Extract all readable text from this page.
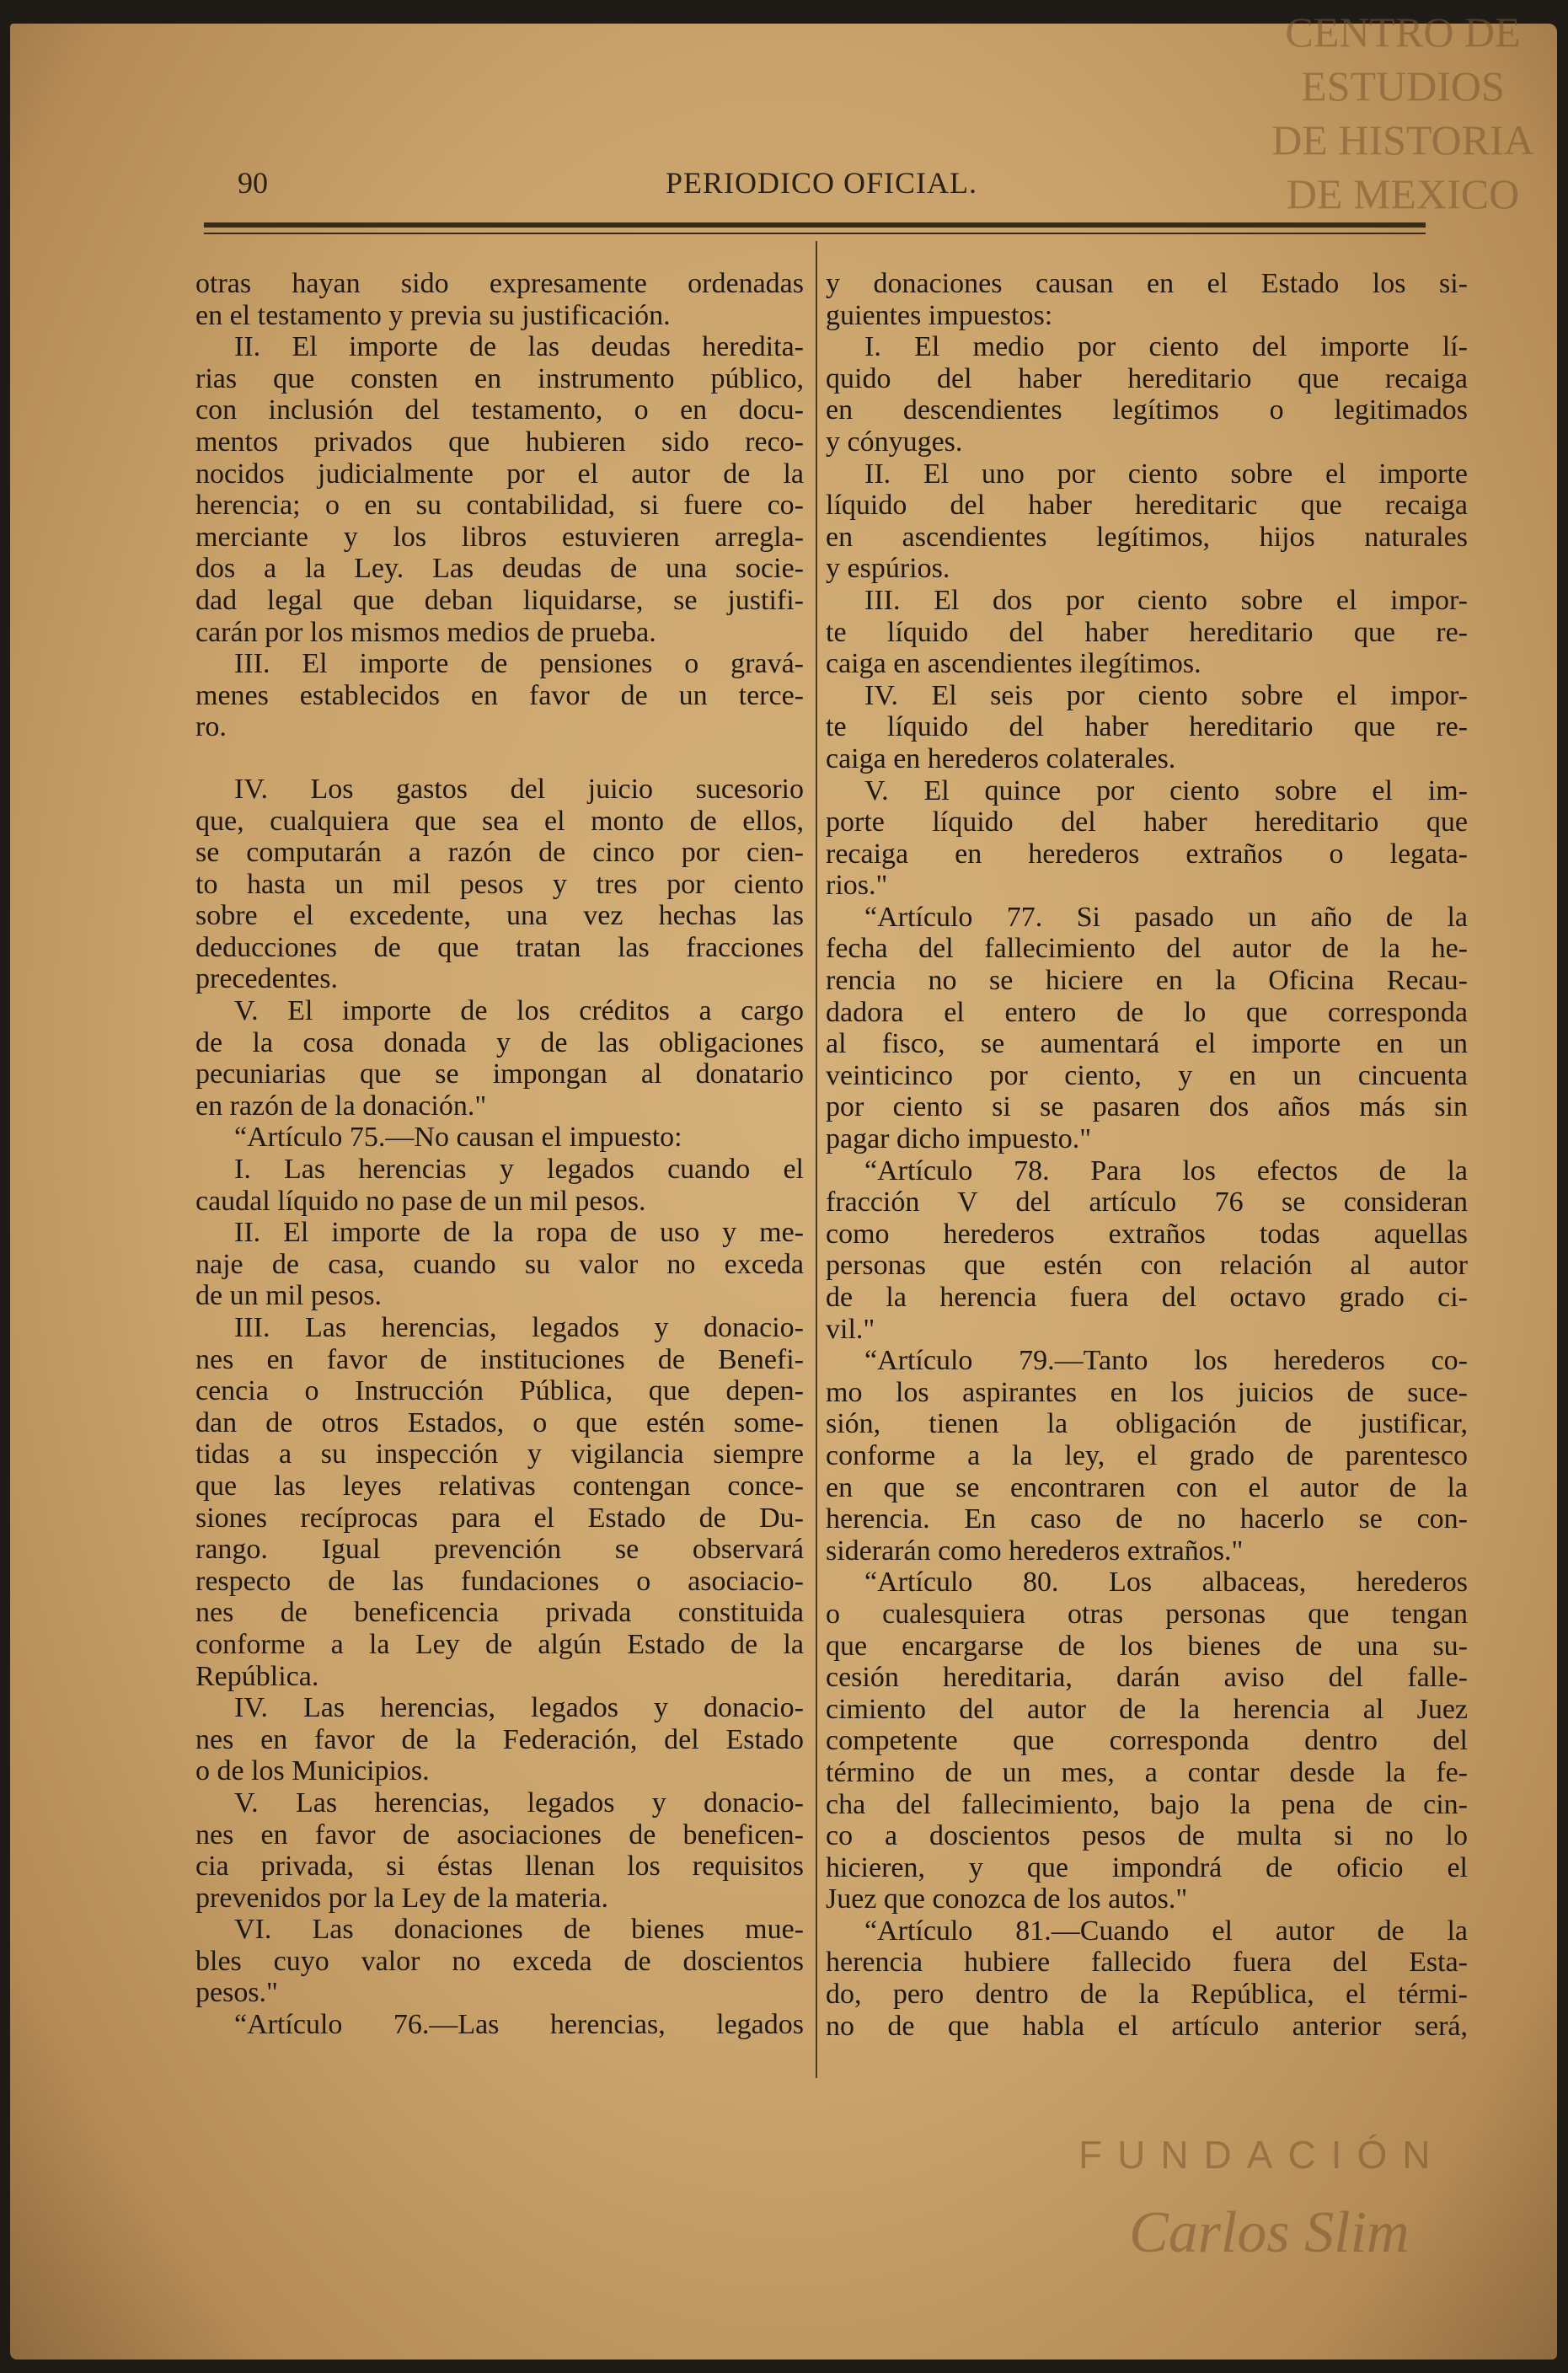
CENTRO DE
ESTUDIOS
DE HISTORIA
DE MEXICO
FUNDACIÓN
Carlos Slim
90	PERIODICO OFICIAL.
otras hayan sido expresamente ordenadas
en el testamento y previa su justificación.
II. El importe de las deudas heredita-
rias que consten en instrumento público,
con inclusión del testamento, o en docu-
mentos privados que hubieren sido reco-
nocidos judicialmente por el autor de la
herencia; o en su contabilidad, si fuere co-
merciante y los libros estuvieren arregla-
dos a la Ley. Las deudas de una socie-
dad legal que deban liquidarse, se justifi-
carán por los mismos medios de prueba.
III. El importe de pensiones o gravá-
menes establecidos en favor de un terce-
ro.
IV. Los gastos del juicio sucesorio
que, cualquiera que sea el monto de ellos,
se computarán a razón de cinco por cien-
to hasta un mil pesos y tres por ciento
sobre el excedente, una vez hechas las
deducciones de que tratan las fracciones
precedentes.
V. El importe de los créditos a cargo
de la cosa donada y de las obligaciones
pecuniarias que se impongan al donatario
en razón de la donación."
“Artículo 75.—No causan el impuesto:
I. Las herencias y legados cuando el
caudal líquido no pase de un mil pesos.
II. El importe de la ropa de uso y me-
naje de casa, cuando su valor no exceda
de un mil pesos.
III. Las herencias, legados y donacio-
nes en favor de instituciones de Benefi-
cencia o Instrucción Pública, que depen-
dan de otros Estados, o que estén some-
tidas a su inspección y vigilancia siempre
que las leyes relativas contengan conce-
siones recíprocas para el Estado de Du-
rango. Igual prevención se observará
respecto de las fundaciones o asociacio-
nes de beneficencia privada constituida
conforme a la Ley de algún Estado de la
República.
IV. Las herencias, legados y donacio-
nes en favor de la Federación, del Estado
o de los Municipios.
V. Las herencias, legados y donacio-
nes en favor de asociaciones de beneficen-
cia privada, si éstas llenan los requisitos
prevenidos por la Ley de la materia.
VI. Las donaciones de bienes mue-
bles cuyo valor no exceda de doscientos
pesos."
“Artículo 76.—Las herencias, legados
y donaciones causan en el Estado los si-
guientes impuestos:
I. El medio por ciento del importe lí-
quido del haber hereditario que recaiga
en descendientes legítimos o legitimados
y cónyuges.
II. El uno por ciento sobre el importe
líquido del haber hereditaric que recaiga
en ascendientes legítimos, hijos naturales
y espúrios.
III. El dos por ciento sobre el impor-
te líquido del haber hereditario que re-
caiga en ascendientes ilegítimos.
IV. El seis por ciento sobre el impor-
te líquido del haber hereditario que re-
caiga en herederos colaterales.
V. El quince por ciento sobre el im-
porte líquido del haber hereditario que
recaiga en herederos extraños o legata-
rios."
“Artículo 77. Si pasado un año de la
fecha del fallecimiento del autor de la he-
rencia no se hiciere en la Oficina Recau-
dadora el entero de lo que corresponda
al fisco, se aumentará el importe en un
veinticinco por ciento, y en un cincuenta
por ciento si se pasaren dos años más sin
pagar dicho impuesto."
“Artículo 78. Para los efectos de la
fracción V del artículo 76 se consideran
como herederos extraños todas aquellas
personas que estén con relación al autor
de la herencia fuera del octavo grado ci-
vil."
“Artículo 79.—Tanto los herederos co-
mo los aspirantes en los juicios de suce-
sión, tienen la obligación de justificar,
conforme a la ley, el grado de parentesco
en que se encontraren con el autor de la
herencia. En caso de no hacerlo se con-
siderarán como herederos extraños."
“Artículo 80. Los albaceas, herederos
o cualesquiera otras personas que tengan
que encargarse de los bienes de una su-
cesión hereditaria, darán aviso del falle-
cimiento del autor de la herencia al Juez
competente que corresponda dentro del
término de un mes, a contar desde la fe-
cha del fallecimiento, bajo la pena de cin-
co a doscientos pesos de multa si no lo
hicieren, y que impondrá de oficio el
Juez que conozca de los autos."
“Artículo 81.—Cuando el autor de la
herencia hubiere fallecido fuera del Esta-
do, pero dentro de la República, el térmi-
no de que habla el artículo anterior será,
